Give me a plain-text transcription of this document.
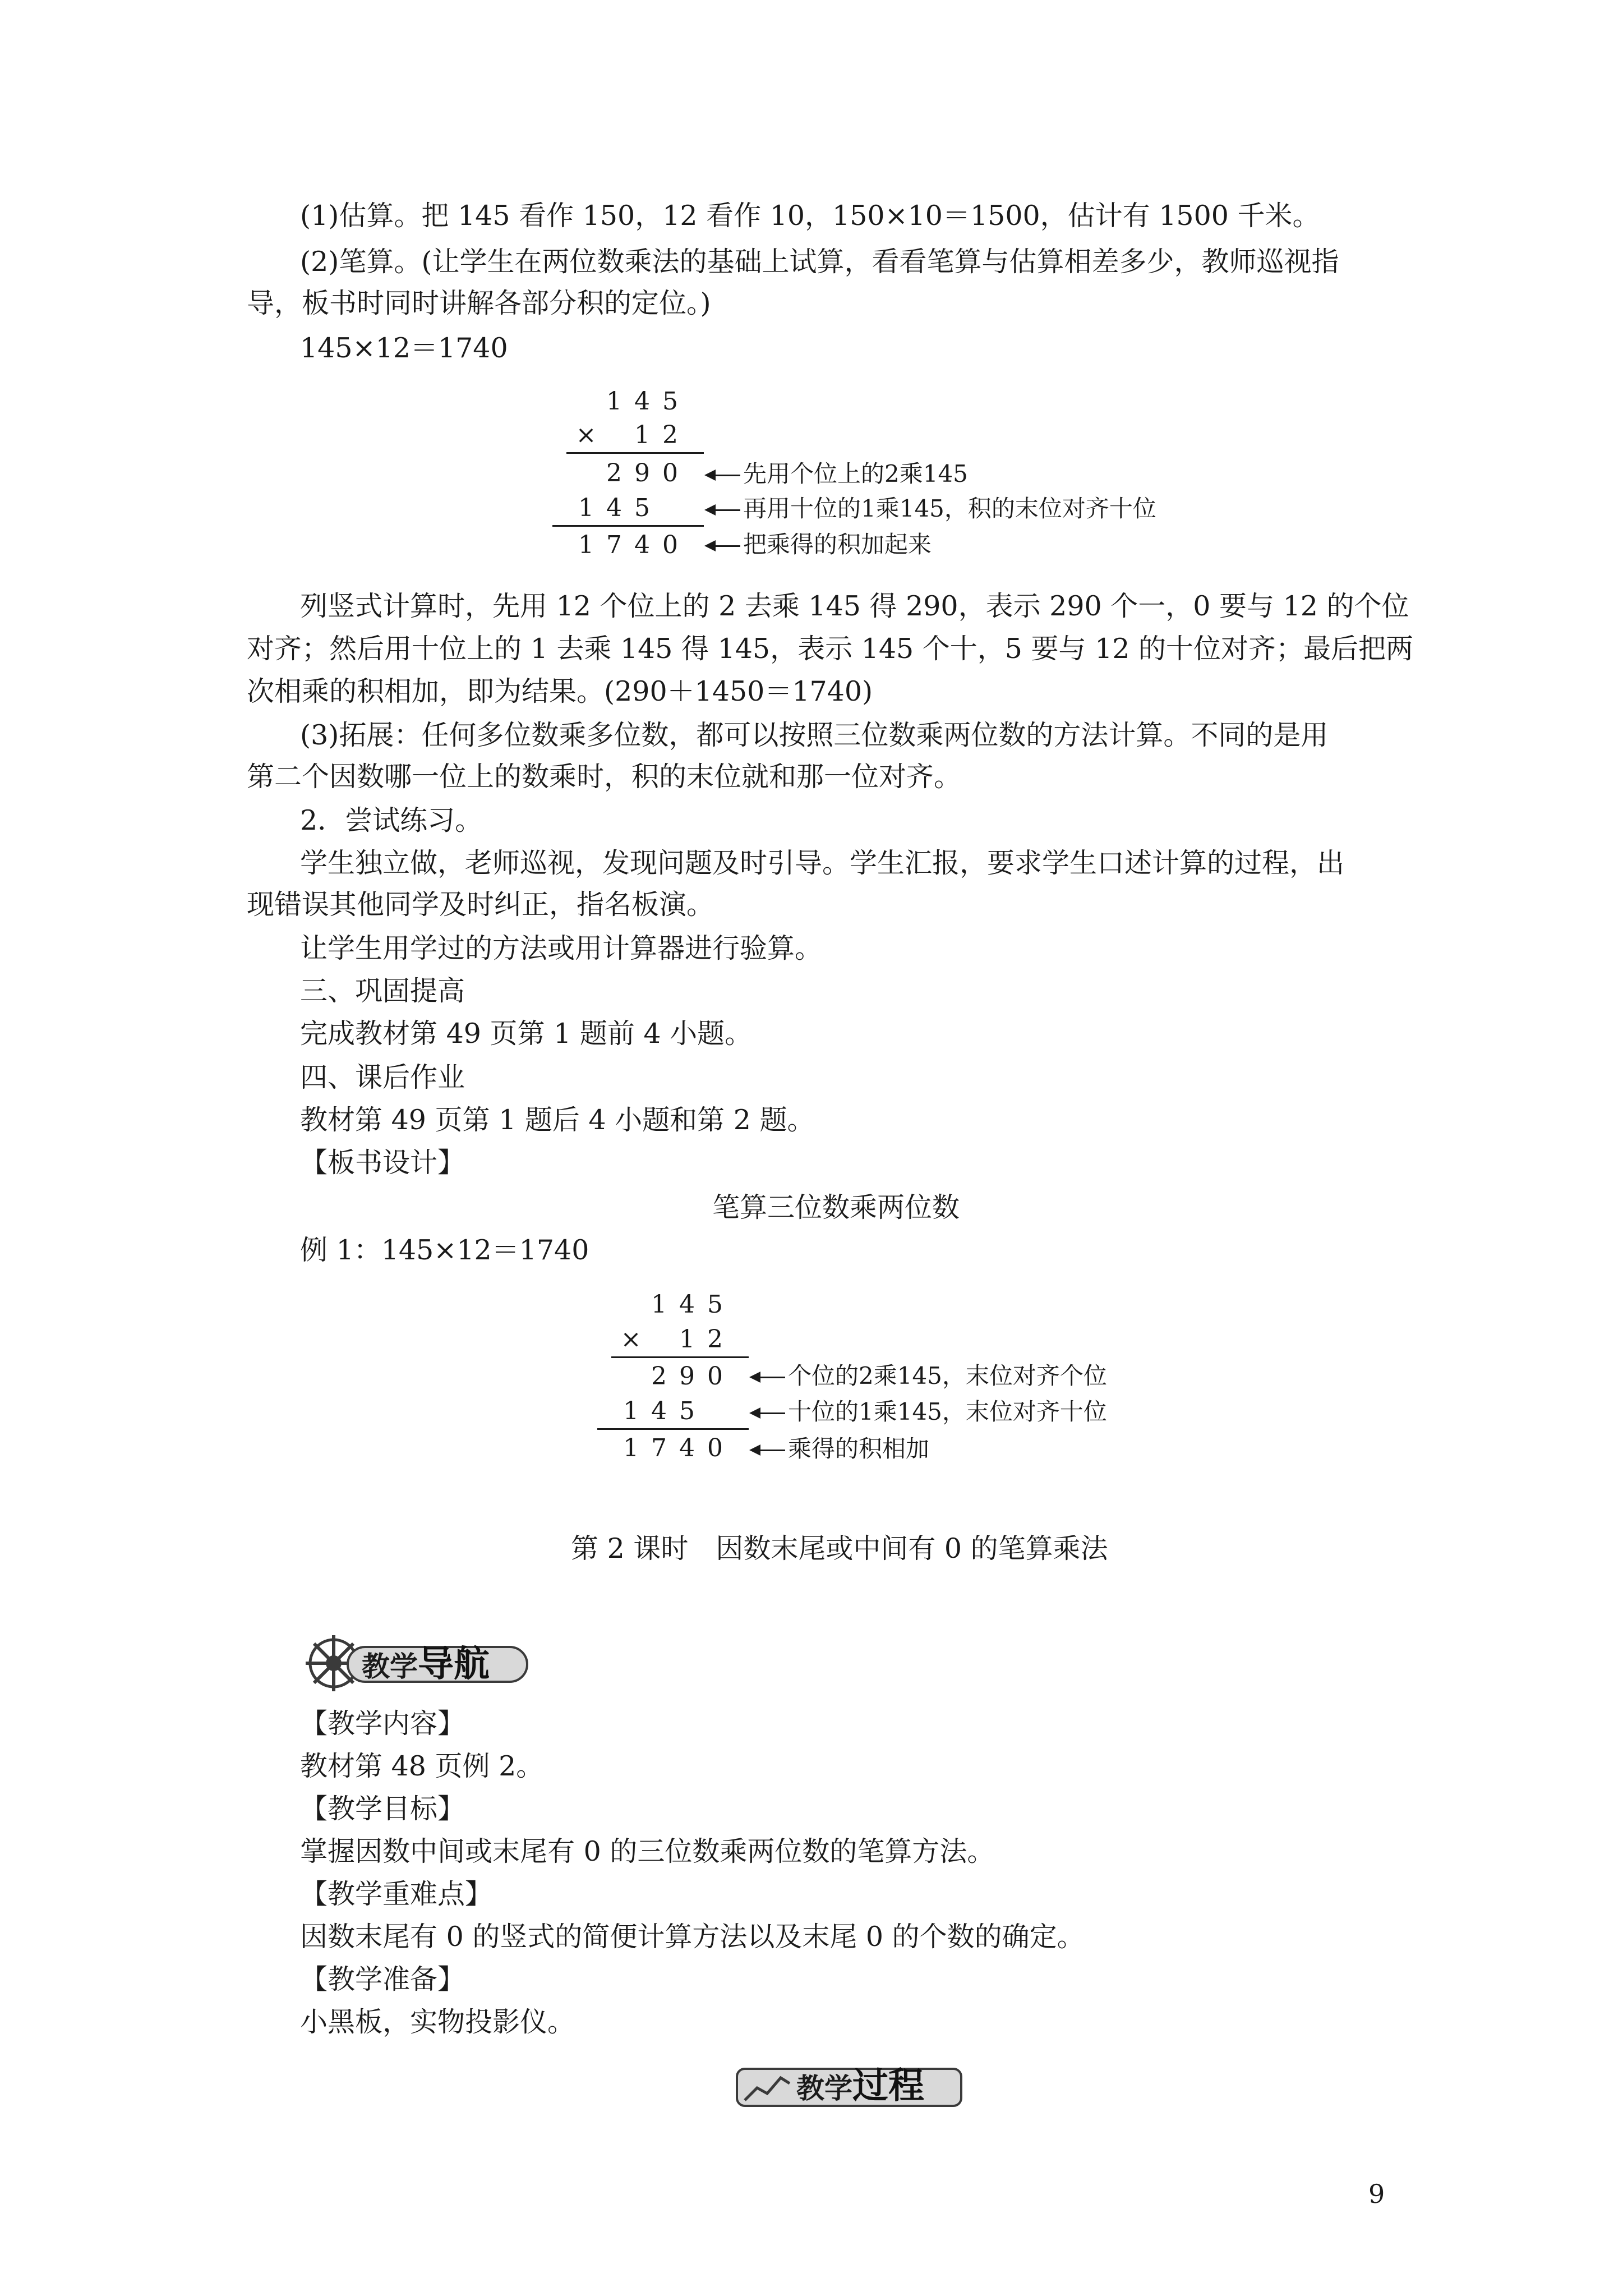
(1)估算。把 145 看作 150，12 看作 10，150×10＝1500，估计有 1500 千米。
(2)笔算。(让学生在两位数乘法的基础上试算，看看笔算与估算相差多少，教师巡视指
导，板书时同时讲解各部分积的定位。)
145×12＝1740
1 4 5
× 1 2
2 9 0
1 4 5
1 7 4 0
先用个位上的2乘145
再用十位的1乘145，积的末位对齐十位
把乘得的积加起来
列竖式计算时，先用 12 个位上的 2 去乘 145 得 290，表示 290 个一，0 要与 12 的个位
对齐；然后用十位上的 1 去乘 145 得 145，表示 145 个十，5 要与 12 的十位对齐；最后把两
次相乘的积相加，即为结果。(290＋1450＝1740)
(3)拓展：任何多位数乘多位数，都可以按照三位数乘两位数的方法计算。不同的是用
第二个因数哪一位上的数乘时，积的末位就和那一位对齐。
2．尝试练习。
学生独立做，老师巡视，发现问题及时引导。学生汇报，要求学生口述计算的过程，出
现错误其他同学及时纠正，指名板演。
让学生用学过的方法或用计算器进行验算。
三、巩固提高
完成教材第 49 页第 1 题前 4 小题。
四、课后作业
教材第 49 页第 1 题后 4 小题和第 2 题。
【板书设计】
笔算三位数乘两位数
例 1：145×12＝1740
1 4 5
× 1 2
2 9 0
1 4 5
1 7 4 0
个位的2乘145，末位对齐个位
十位的1乘145，末位对齐十位
乘得的积相加
第 2 课时　因数末尾或中间有 0 的笔算乘法
教学导航
【教学内容】
教材第 48 页例 2。
【教学目标】
掌握因数中间或末尾有 0 的三位数乘两位数的笔算方法。
【教学重难点】
因数末尾有 0 的竖式的简便计算方法以及末尾 0 的个数的确定。
【教学准备】
小黑板，实物投影仪。
教学过程
9
